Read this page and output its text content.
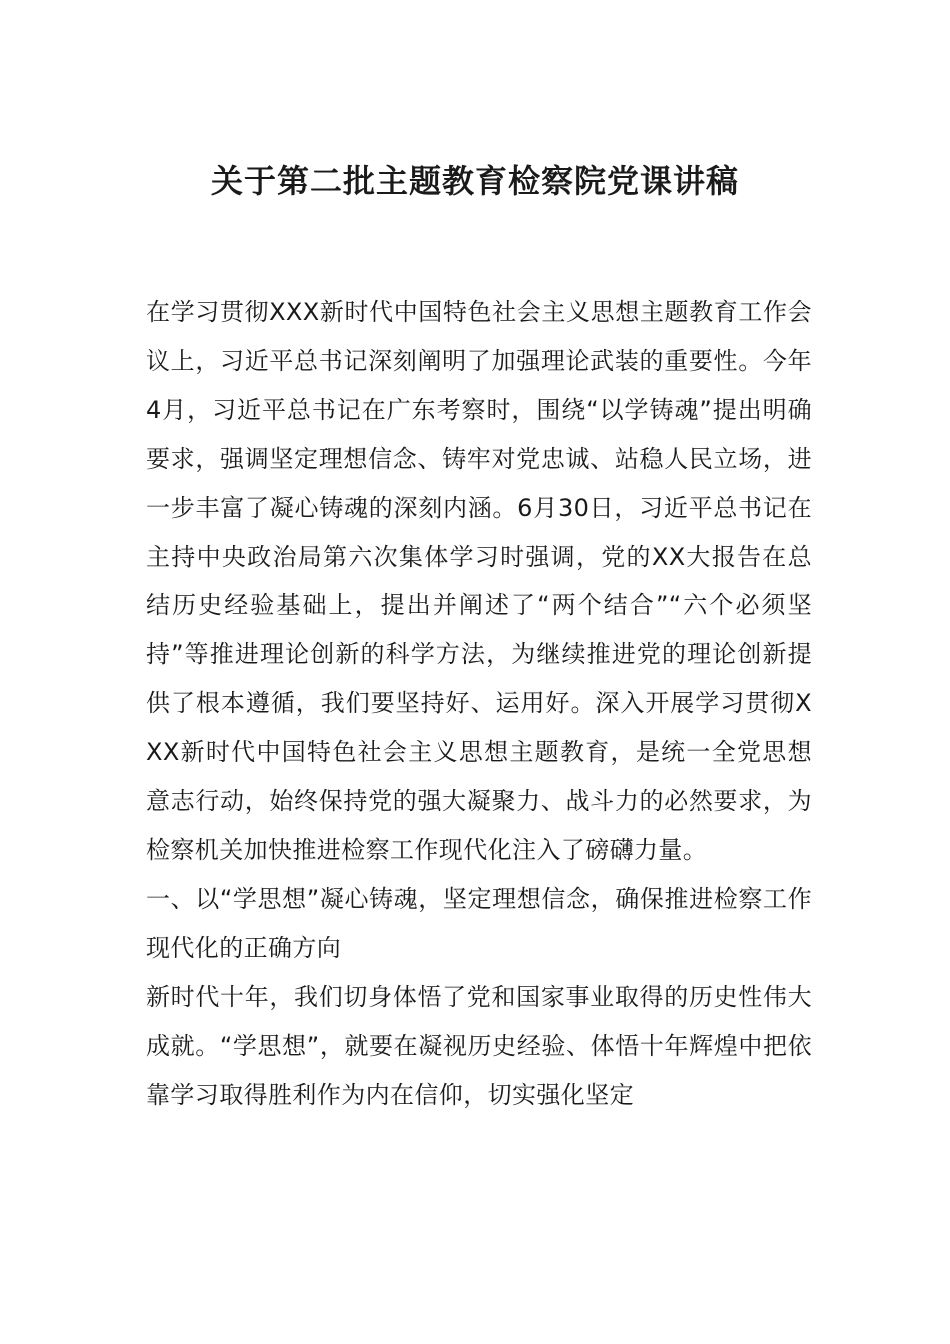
关于第二批主题教育检察院党课讲稿

在学习贯彻XXX新时代中国特色社会主义思想主题教育工作会议上，习近平总书记深刻阐明了加强理论武装的重要性。今年4月，习近平总书记在广东考察时，围绕“以学铸魂”提出明确要求，强调坚定理想信念、铸牢对党忠诚、站稳人民立场，进一步丰富了凝心铸魂的深刻内涵。6月30日，习近平总书记在主持中央政治局第六次集体学习时强调，党的XX大报告在总结历史经验基础上，提出并阐述了“两个结合”“六个必须坚持”等推进理论创新的科学方法，为继续推进党的理论创新提供了根本遵循，我们要坚持好、运用好。深入开展学习贯彻XXX新时代中国特色社会主义思想主题教育，是统一全党思想意志行动，始终保持党的强大凝聚力、战斗力的必然要求，为检察机关加快推进检察工作现代化注入了磅礴力量。

一、以“学思想”凝心铸魂，坚定理想信念，确保推进检察工作现代化的正确方向

新时代十年，我们切身体悟了党和国家事业取得的历史性伟大成就。“学思想”，就要在凝视历史经验、体悟十年辉煌中把依靠学习取得胜利作为内在信仰，切实强化坚定
